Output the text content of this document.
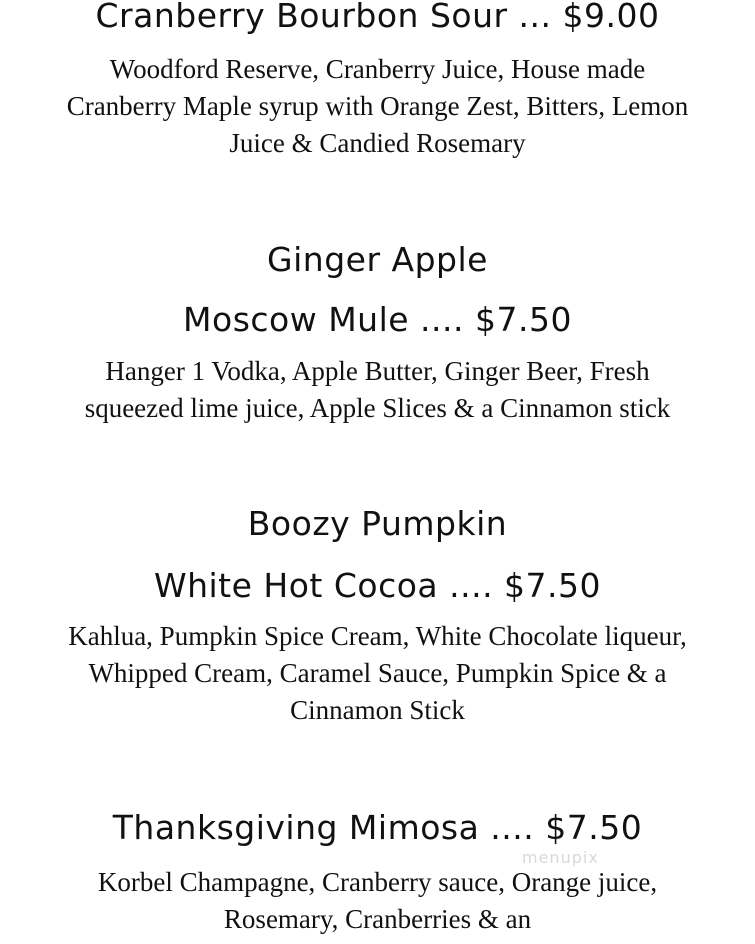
Cranberry Bourbon Sour ... $9.00

Woodford Reserve, Cranberry Juice, House made Cranberry Maple syrup with Orange Zest, Bitters, Lemon Juice & Candied Rosemary

Ginger Apple
Moscow Mule .... $7.50

Hanger 1 Vodka, Apple Butter, Ginger Beer, Fresh squeezed lime juice, Apple Slices & a Cinnamon stick

Boozy Pumpkin
White Hot Cocoa .... $7.50

Kahlua, Pumpkin Spice Cream, White Chocolate liqueur, Whipped Cream, Caramel Sauce, Pumpkin Spice & a Cinnamon Stick

Thanksgiving Mimosa .... $7.50

Korbel Champagne, Cranberry sauce, Orange juice, Rosemary, Cranberries & an

menupix
